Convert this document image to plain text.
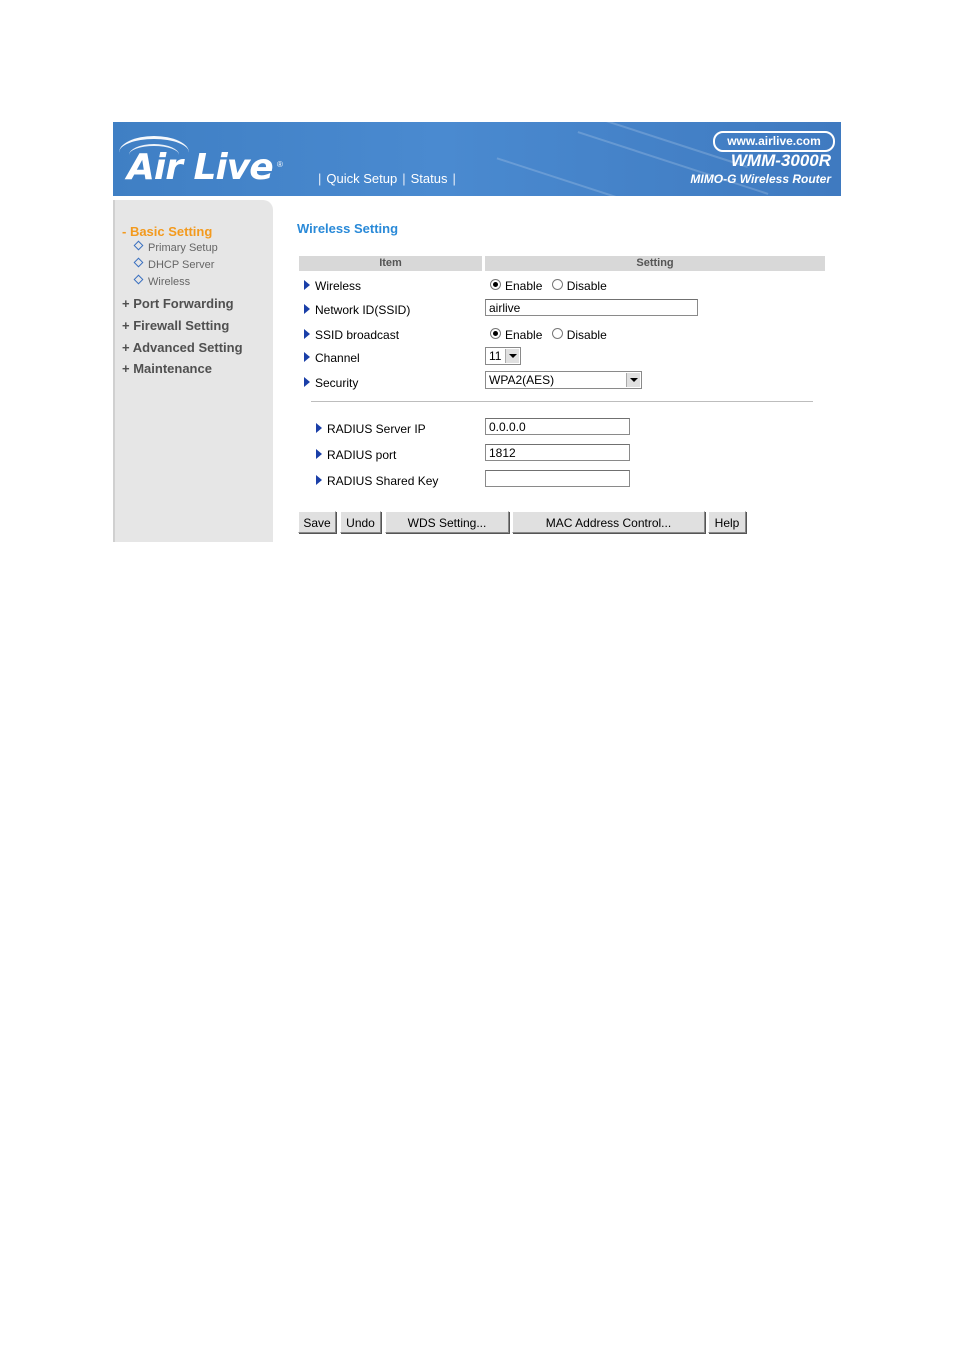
Air Live ®
| Quick Setup | Status |
www.airlive.com
WMM-3000R
MIMO-G Wireless Router
- Basic Setting
Primary Setup
DHCP Server
Wireless
+ Port Forwarding
+ Firewall Setting
+ Advanced Setting
+ Maintenance
Wireless Setting
Item	Setting
Wireless	Enable Disable
Network ID(SSID)	airlive
SSID broadcast	Enable Disable
Channel	11
Security	WPA2(AES)
RADIUS Server IP	0.0.0.0
RADIUS port	1812
RADIUS Shared Key
Save	Undo	WDS Setting...	MAC Address Control...	Help
